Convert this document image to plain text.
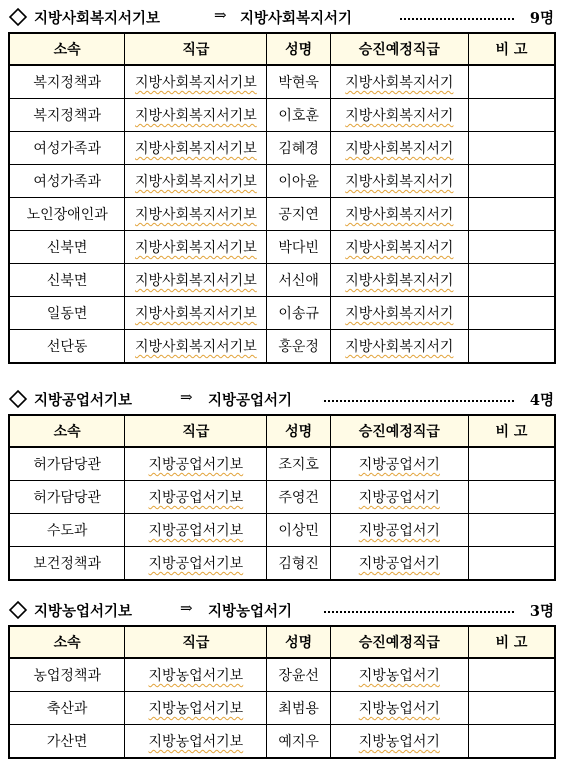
지방사회복지서기보	⇒ 지방사회복지서기	9명
소속	직급	성명	승진예정직급	비 고
복지정책과	지방사회복지서기보	박현욱	지방사회복지서기	
복지정책과	지방사회복지서기보	이호훈	지방사회복지서기	
여성가족과	지방사회복지서기보	김혜경	지방사회복지서기	
여성가족과	지방사회복지서기보	이아윤	지방사회복지서기	
노인장애인과	지방사회복지서기보	공지연	지방사회복지서기	
신북면	지방사회복지서기보	박다빈	지방사회복지서기	
신북면	지방사회복지서기보	서신애	지방사회복지서기	
일동면	지방사회복지서기보	이송규	지방사회복지서기	
선단동	지방사회복지서기보	홍운정	지방사회복지서기	
지방공업서기보	⇒ 지방공업서기	4명
소속	직급	성명	승진예정직급	비 고
허가담당관	지방공업서기보	조지호	지방공업서기	
허가담당관	지방공업서기보	주영건	지방공업서기	
수도과	지방공업서기보	이상민	지방공업서기	
보건정책과	지방공업서기보	김형진	지방공업서기	
지방농업서기보	⇒ 지방농업서기	3명
소속	직급	성명	승진예정직급	비 고
농업정책과	지방농업서기보	장윤선	지방농업서기	
축산과	지방농업서기보	최범용	지방농업서기	
가산면	지방농업서기보	예지우	지방농업서기	
